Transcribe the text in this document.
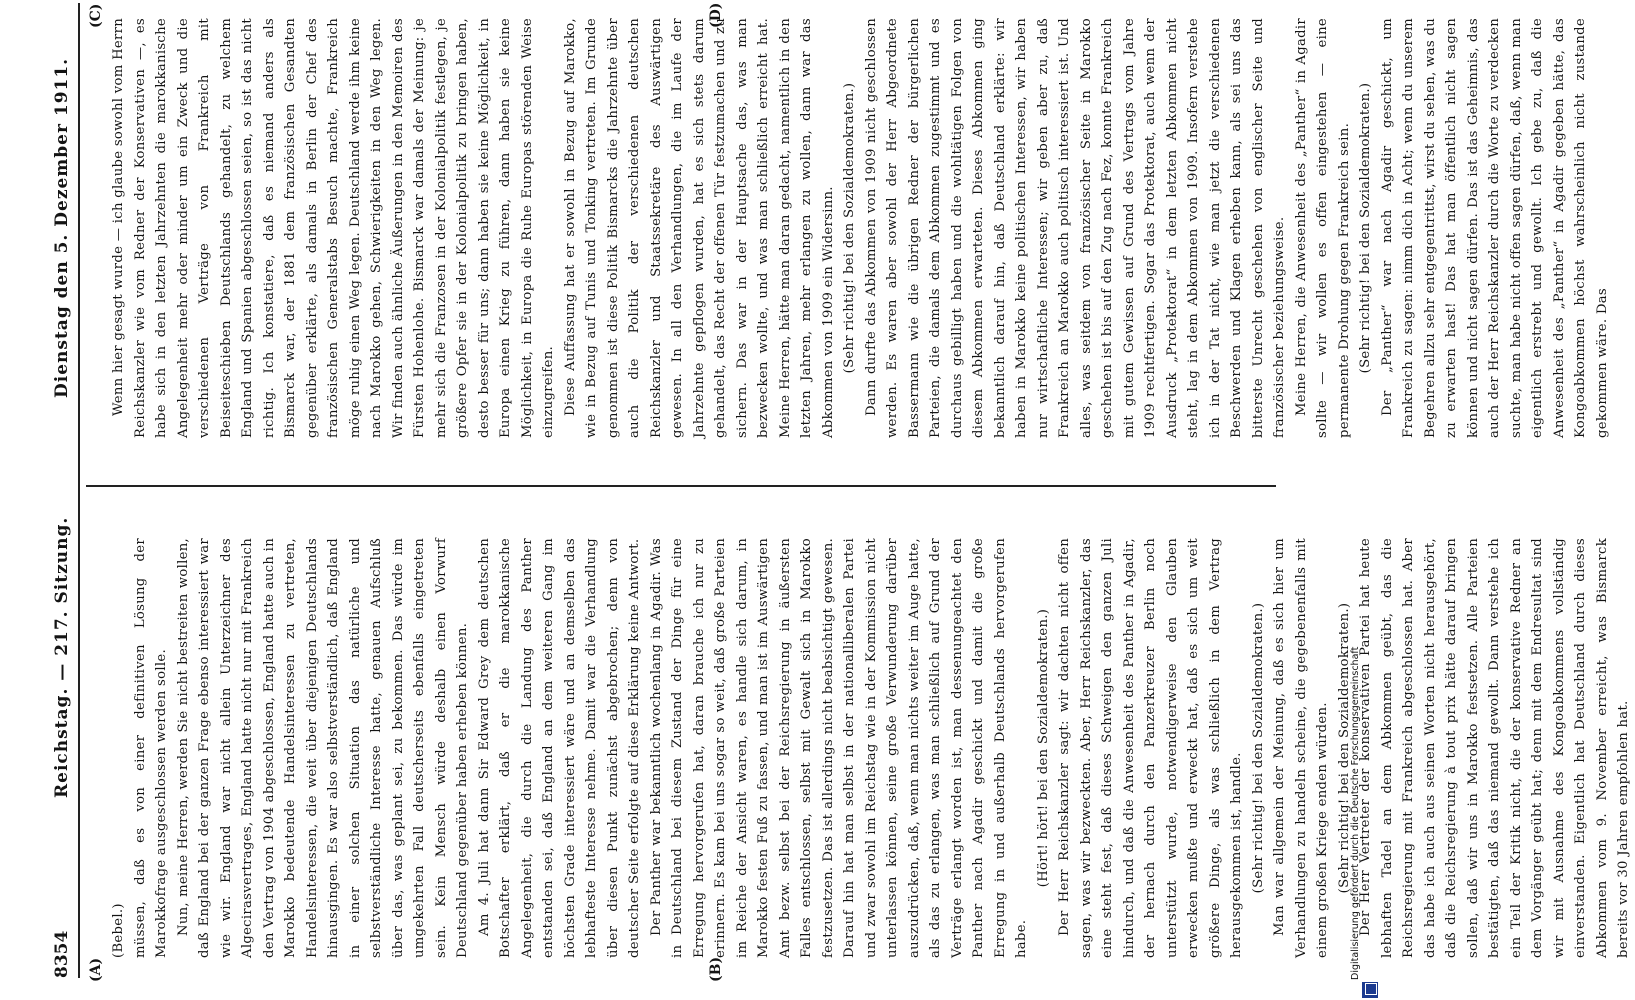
8354
Reichstag. — 217. Sitzung.
Dienstag den 5. Dezember 1911.
(A)	(B)
(C)	(D)

(Bebel.) müssen, daß es von einer definitiven Lösung der Marokkofrage ausgeschlossen werden solle. Nun, meine Herren, werden Sie nicht bestreiten wollen, daß England bei der ganzen Frage ebenso interessiert war wie wir. England war nicht allein Unterzeichner des Algecirasvertrages, England hatte nicht nur mit Frankreich den Vertrag von 1904 abgeschlossen, England hatte auch in Marokko bedeutende Handelsinteressen zu vertreten, Handelsinteressen, die weit über diejenigen Deutschlands hinausgingen. Es war also selbstverständlich, daß England in einer solchen Situation das natürliche und selbstverständliche Interesse hatte, genauen Aufschluß über das, was geplant sei, zu bekommen. Das würde im umgekehrten Fall deutscherseits ebenfalls eingetreten sein. Kein Mensch würde deshalb einen Vorwurf Deutschland gegenüber haben erheben können. Am 4. Juli hat dann Sir Edward Grey dem deutschen Botschafter erklärt, daß er die marokkanische Angelegenheit, die durch die Landung des Panther entstanden sei, daß England an dem weiteren Gang im höchsten Grade interessiert wäre und an demselben das lebhafteste Interesse nehme. Damit war die Verhandlung über diesen Punkt zunächst abgebrochen; denn von deutscher Seite erfolgte auf diese Erklärung keine Antwort. Der Panther war bekanntlich wochenlang in Agadir. Was in Deutschland bei diesem Zustand der Dinge für eine Erregung hervorgerufen hat, daran brauche ich nur zu erinnern. Es kam bei uns sogar so weit, daß große Parteien im Reiche der Ansicht waren, es handle sich darum, in Marokko festen Fuß zu fassen, und man ist im Auswärtigen Amt bezw. selbst bei der Reichsregierung in äußersten Falles entschlossen, selbst mit Gewalt sich in Marokko festzusetzen. Das ist allerdings nicht beabsichtigt gewesen. Darauf hin hat man selbst in der nationalliberalen Partei und zwar sowohl im Reichstag wie in der Kommission nicht unterlassen können, seine große Verwunderung darüber auszudrücken, daß, wenn man nichts weiter im Auge hatte, als das zu erlangen, was man schließlich auf Grund der Verträge erlangt worden ist, man dessenungeachtet den Panther nach Agadir geschickt und damit die große Erregung in und außerhalb Deutschlands hervorgerufen habe.

(Hört! hört! bei den Sozialdemokraten.) Der Herr Reichskanzler sagt: wir dachten nicht offen sagen, was wir bezweckten. Aber, Herr Reichskanzler, das eine steht fest, daß dieses Schweigen den ganzen Juli hindurch, und daß die Anwesenheit des Panther in Agadir, der hernach durch den Panzerkreuzer Berlin noch unterstützt wurde, notwendigerweise den Glauben erwecken mußte und erweckt hat, daß es sich um weit größere Dinge, als was schließlich in dem Vertrag herausgekommen ist, handle. (Sehr richtig! bei den Sozialdemokraten.) Man war allgemein der Meinung, daß es sich hier um Verhandlungen zu handeln scheine, die gegebenenfalls mit einem großen Kriege enden würden. (Sehr richtig! bei den Sozialdemokraten.) Der Herr Vertreter der konservativen Partei hat heute lebhaften Tadel an dem Abkommen geübt, das die Reichsregierung mit Frankreich abgeschlossen hat. Aber das habe ich auch aus seinen Worten nicht herausgehört, daß die Reichsregierung à tout prix hätte darauf bringen sollen, daß wir uns in Marokko festsetzen. Alle Parteien bestätigten, daß das niemand gewollt. Dann verstehe ich ein Teil der Kritik nicht, die der konservative Redner an dem Vorgänger geübt hat; denn mit dem Endresultat sind wir mit Ausnahme des Kongoabkommens vollständig einverstanden. Eigentlich hat Deutschland durch dieses Abkommen vom 9. November erreicht, was Bismarck bereits vor 30 Jahren empfohlen hat.

Wenn hier gesagt wurde — ich glaube sowohl vom Herrn Reichskanzler wie vom Redner der Konservativen —, es habe sich in den letzten Jahrzehnten die marokkanische Angelegenheit mehr oder minder um ein Zweck und die verschiedenen Verträge von Frankreich mit Beiseiteschieben Deutschlands gehandelt, zu welchem England und Spanien abgeschlossen seien, so ist das nicht richtig. Ich konstatiere, daß es niemand anders als Bismarck war, der 1881 dem französischen Gesandten gegenüber erklärte, als damals in Berlin der Chef des französischen Generalstabs Besuch machte, Frankreich möge ruhig einen Weg legen. Deutschland werde ihm keine nach Marokko gehen, Schwierigkeiten in den Weg legen. Wir finden auch ähnliche Äußerungen in den Memoiren des Fürsten Hohenlohe. Bismarck war damals der Meinung: je mehr sich die Franzosen in der Kolonialpolitik festlegen, je größere Opfer sie in der Kolonialpolitik zu bringen haben, desto besser für uns; dann haben sie keine Möglichkeit, in Europa einen Krieg zu führen, dann haben sie keine Möglichkeit, in Europa die Ruhe Europas störenden Weise einzugreifen. Diese Auffassung hat er sowohl in Bezug auf Marokko, wie in Bezug auf Tunis und Tonking vertreten. Im Grunde genommen ist diese Politik Bismarcks die Jahrzehnte über auch die Politik der verschiedenen deutschen Reichskanzler und Staatssekretäre des Auswärtigen gewesen. In all den Verhandlungen, die im Laufe der Jahrzehnte gepflogen wurden, hat es sich stets darum gehandelt, das Recht der offenen Tür festzumachen und zu sichern. Das war in der Hauptsache das, was man bezwecken wollte, und was man schließlich erreicht hat. Meine Herren, hätte man daran gedacht, namentlich in den letzten Jahren, mehr erlangen zu wollen, dann war das Abkommen von 1909 ein Widersinn. (Sehr richtig! bei den Sozialdemokraten.) Dann durfte das Abkommen von 1909 nicht geschlossen werden. Es waren aber sowohl der Herr Abgeordnete Bassermann wie die übrigen Redner der bürgerlichen Parteien, die damals dem Abkommen zugestimmt und es durchaus gebilligt haben und die wohltätigen Folgen von diesem Abkommen erwarteten. Dieses Abkommen ging bekanntlich darauf hin, daß Deutschland erklärte: wir haben in Marokko keine politischen Interessen, wir haben nur wirtschaftliche Interessen; wir geben aber zu, daß Frankreich an Marokko auch politisch interessiert ist. Und alles, was seitdem von französischer Seite in Marokko geschehen ist bis auf den Zug nach Fez, konnte Frankreich mit gutem Gewissen auf Grund des Vertrags vom Jahre 1909 rechtfertigen. Sogar das Protektorat, auch wenn der Ausdruck „Protektorat“ in dem letzten Abkommen nicht steht, lag in dem Abkommen von 1909. Insofern verstehe ich in der Tat nicht, wie man jetzt die verschiedenen Beschwerden und Klagen erheben kann, als sei uns das bitterste Unrecht geschehen von englischer Seite und französischer beziehungsweise. Meine Herren, die Anwesenheit des „Panther“ in Agadir sollte — wir wollen es offen eingestehen — eine permanente Drohung gegen Frankreich sein. (Sehr richtig! bei den Sozialdemokraten.) Der „Panther“ war nach Agadir geschickt, um Frankreich zu sagen: nimm dich in Acht; wenn du unserem Begehren allzu sehr entgegentrittst, wirst du sehen, was du zu erwarten hast! Das hat man öffentlich nicht sagen können und nicht sagen dürfen. Das ist das Geheimnis, das auch der Herr Reichskanzler durch die Worte zu verdecken suchte, man habe nicht offen sagen dürfen, daß, wenn man eigentlich erstrebt und gewollt. Ich gebe zu, daß die Anwesenheit des „Panther“ in Agadir gegeben hätte, das Kongoabkommen höchst wahrscheinlich nicht zustande gekommen wäre. Das

Digitalisierung gefördert durch die Deutsche Forschungsgemeinschaft
